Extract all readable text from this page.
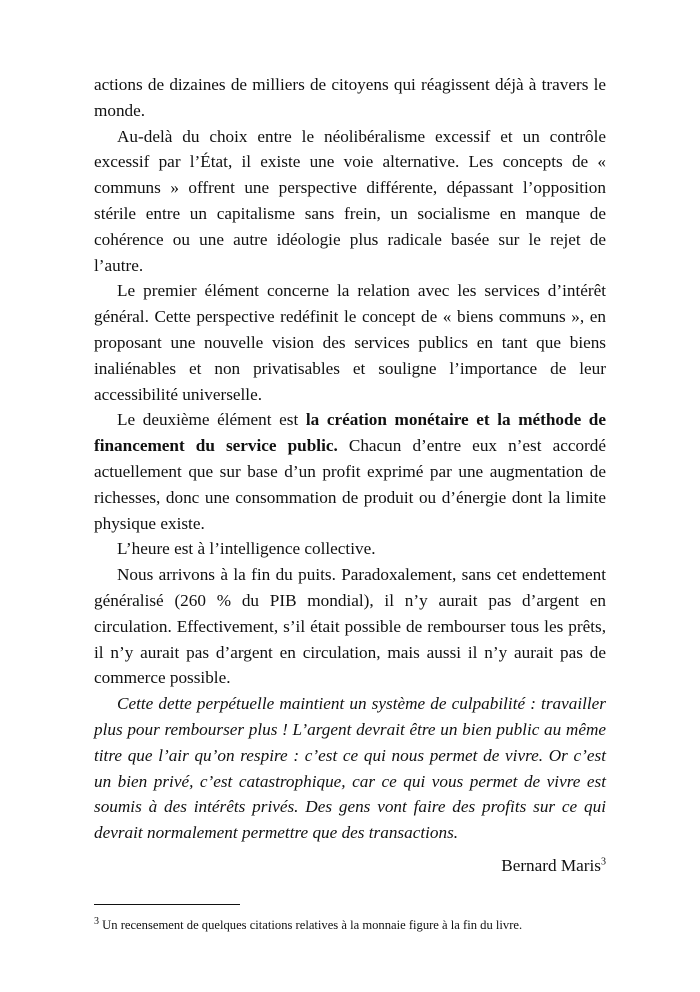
actions de dizaines de milliers de citoyens qui réagissent déjà à travers le monde.

Au-delà du choix entre le néolibéralisme excessif et un contrôle excessif par l’État, il existe une voie alternative. Les concepts de « communs » offrent une perspective différente, dépassant l’opposition stérile entre un capitalisme sans frein, un socialisme en manque de cohérence ou une autre idéologie plus radicale basée sur le rejet de l’autre.

Le premier élément concerne la relation avec les services d’intérêt général. Cette perspective redéfinit le concept de « biens communs », en proposant une nouvelle vision des services publics en tant que biens inaliénables et non privatisables et souligne l’importance de leur accessibilité universelle.

Le deuxième élément est la création monétaire et la méthode de financement du service public. Chacun d’entre eux n’est accordé actuellement que sur base d’un profit exprimé par une augmentation de richesses, donc une consommation de produit ou d’énergie dont la limite physique existe.

L’heure est à l’intelligence collective.

Nous arrivons à la fin du puits. Paradoxalement, sans cet endettement généralisé (260 % du PIB mondial), il n’y aurait pas d’argent en circulation. Effectivement, s’il était possible de rembourser tous les prêts, il n’y aurait pas d’argent en circulation, mais aussi il n’y aurait pas de commerce possible.

Cette dette perpétuelle maintient un système de culpabilité : travailler plus pour rembourser plus ! L’argent devrait être un bien public au même titre que l’air qu’on respire : c’est ce qui nous permet de vivre. Or c’est un bien privé, c’est catastrophique, car ce qui vous permet de vivre est soumis à des intérêts privés. Des gens vont faire des profits sur ce qui devrait normalement permettre que des transactions.

Bernard Maris$^3$
$^3$ Un recensement de quelques citations relatives à la monnaie figure à la fin du livre.
